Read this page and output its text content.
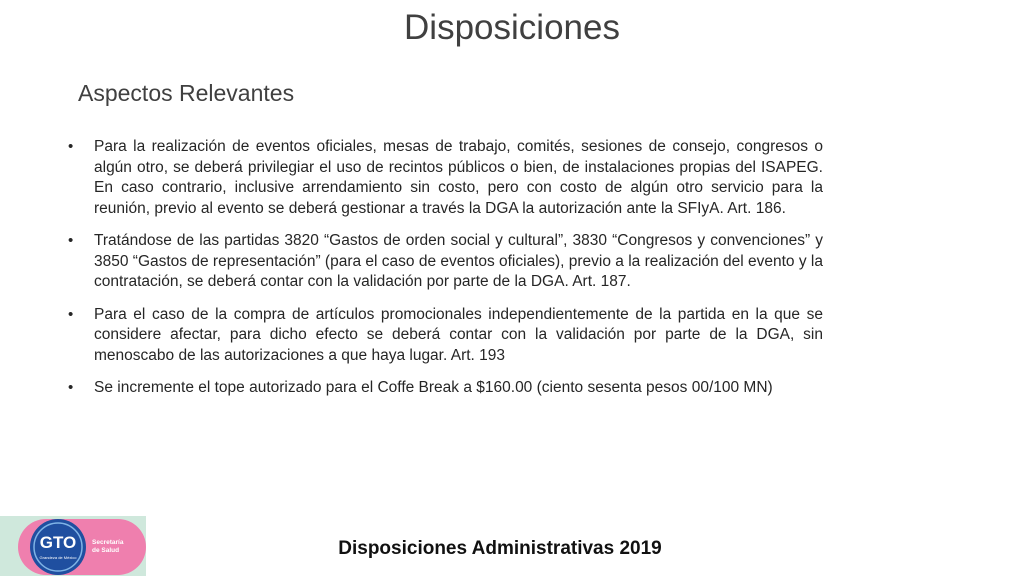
Disposiciones
Aspectos Relevantes
• Para la realización de eventos oficiales, mesas de trabajo, comités, sesiones de consejo, congresos o algún otro, se deberá privilegiar el uso de recintos públicos o bien, de instalaciones propias del ISAPEG. En caso contrario, inclusive arrendamiento sin costo, pero con costo de algún otro servicio para la reunión, previo al evento se deberá gestionar a través la DGA la autorización ante la SFIyA. Art. 186.
• Tratándose de las partidas 3820 “Gastos de orden social y cultural”, 3830 “Congresos y convenciones” y 3850 “Gastos de representación” (para el caso de eventos oficiales), previo a la realización del evento y la contratación, se deberá contar con la validación por parte de la DGA. Art. 187.
• Para el caso de la compra de artículos promocionales independientemente de la partida en la que se considere afectar, para dicho efecto se deberá contar con la validación por parte de la DGA, sin menoscabo de las autorizaciones a que haya lugar. Art. 193
• Se incremente el tope autorizado para el Coffe Break a $160.00 (ciento sesenta pesos 00/100 MN)
GTO
Grandeza de México
Secretaría
de Salud	Disposiciones Administrativas 2019
